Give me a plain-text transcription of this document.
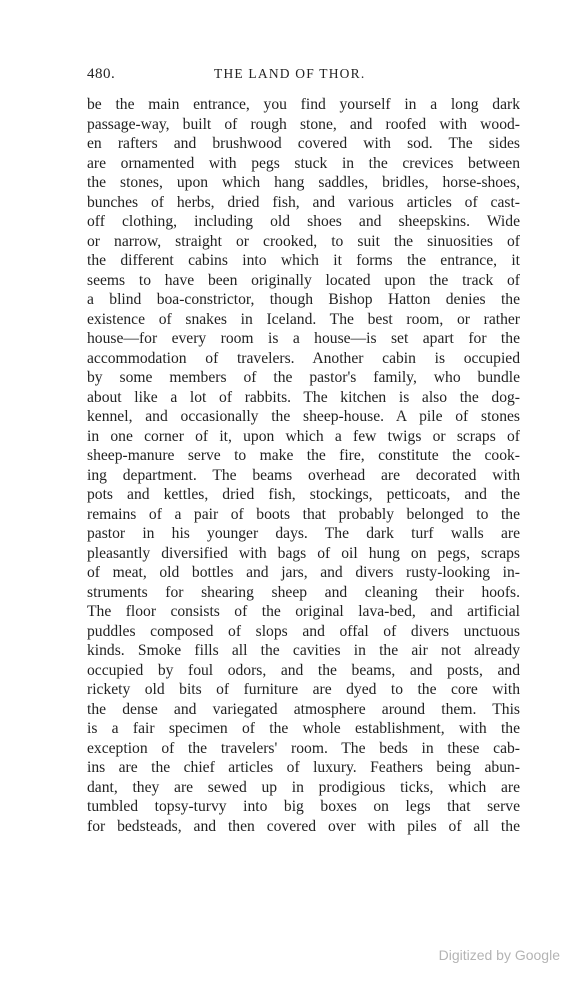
480.	THE LAND OF THOR.
be the main entrance, you find yourself in a long dark
passage-way, built of rough stone, and roofed with wood-
en rafters and brushwood covered with sod. The sides
are ornamented with pegs stuck in the crevices between
the stones, upon which hang saddles, bridles, horse-shoes,
bunches of herbs, dried fish, and various articles of cast-
off clothing, including old shoes and sheepskins. Wide
or narrow, straight or crooked, to suit the sinuosities of
the different cabins into which it forms the entrance, it
seems to have been originally located upon the track of
a blind boa-constrictor, though Bishop Hatton denies the
existence of snakes in Iceland. The best room, or rather
house—for every room is a house—is set apart for the
accommodation of travelers. Another cabin is occupied
by some members of the pastor's family, who bundle
about like a lot of rabbits. The kitchen is also the dog-
kennel, and occasionally the sheep-house. A pile of stones
in one corner of it, upon which a few twigs or scraps of
sheep-manure serve to make the fire, constitute the cook-
ing department. The beams overhead are decorated with
pots and kettles, dried fish, stockings, petticoats, and the
remains of a pair of boots that probably belonged to the
pastor in his younger days. The dark turf walls are
pleasantly diversified with bags of oil hung on pegs, scraps
of meat, old bottles and jars, and divers rusty-looking in-
struments for shearing sheep and cleaning their hoofs.
The floor consists of the original lava-bed, and artificial
puddles composed of slops and offal of divers unctuous
kinds. Smoke fills all the cavities in the air not already
occupied by foul odors, and the beams, and posts, and
rickety old bits of furniture are dyed to the core with
the dense and variegated atmosphere around them. This
is a fair specimen of the whole establishment, with the
exception of the travelers' room. The beds in these cab-
ins are the chief articles of luxury. Feathers being abun-
dant, they are sewed up in prodigious ticks, which are
tumbled topsy-turvy into big boxes on legs that serve
for bedsteads, and then covered over with piles of all the
Digitized by Google
